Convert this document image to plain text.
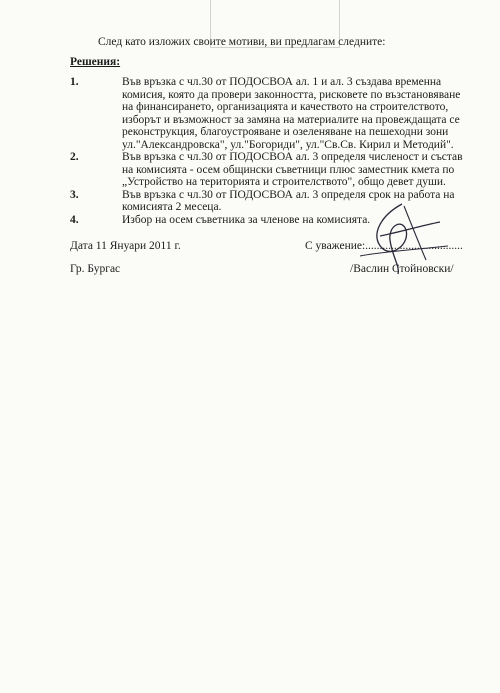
След като изложих своите мотиви, ви предлагам следните:
Решения:
1.	Във връзка с чл.30 от ПОДОСВОА ал. 1 и ал. 3 създава временна комисия, която да провери законността, рисковете по възстановяване на финансирането, организацията и качеството на строителството, изборът и възможност за замяна на материалите на провеждащата се реконструкция, благоустрояване и озеленяване на пешеходни зони ул."Александровска", ул."Богориди", ул."Св.Св. Кирил и Методий".
2.	Във връзка с чл.30 от ПОДОСВОА ал. 3 определя численост и състав на комисията - осем общински съветници плюс заместник кмета по „Устройство на територията и строителството", общо девет души.
3.	Във връзка с чл.30 от ПОДОСВОА ал. 3 определя срок на работа на комисията 2 месеца.
4.	Избор на осем съветника за членове на комисията.
Дата 11 Януари 2011 г.
Гр. Бургас
С уважение:..................................
/Васлин Стойновски/
